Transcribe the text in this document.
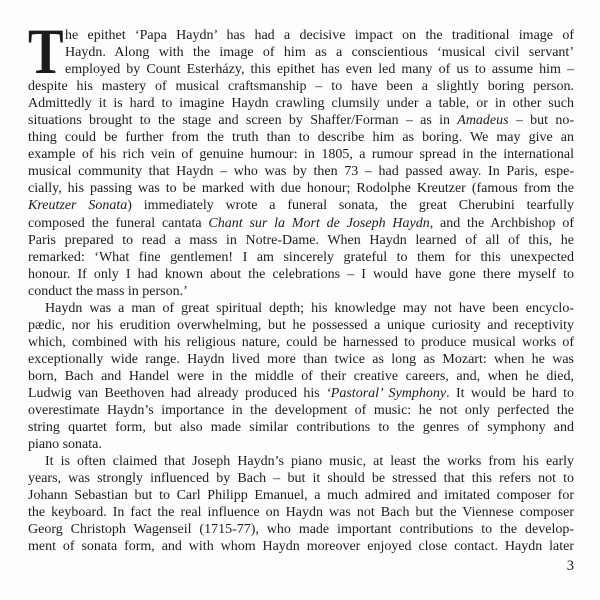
T he epithet ‘Papa Haydn’ has had a decisive impact on the traditional image of
Haydn. Along with the image of him as a conscientious ‘musical civil servant’
employed by Count Esterházy, this epithet has even led many of us to assume him –
despite his mastery of musical craftsmanship – to have been a slightly boring person.
Admittedly it is hard to imagine Haydn crawling clumsily under a table, or in other such
situations brought to the stage and screen by Shaffer/Forman – as in Amadeus – but no-
thing could be further from the truth than to describe him as boring. We may give an
example of his rich vein of genuine humour: in 1805, a rumour spread in the international
musical community that Haydn – who was by then 73 – had passed away. In Paris, espe-
cially, his passing was to be marked with due honour; Rodolphe Kreutzer (famous from the
Kreutzer Sonata) immediately wrote a funeral sonata, the great Cherubini tearfully
composed the funeral cantata Chant sur la Mort de Joseph Haydn, and the Archbishop of
Paris prepared to read a mass in Notre-Dame. When Haydn learned of all of this, he
remarked: ‘What fine gentlemen! I am sincerely grateful to them for this unexpected
honour. If only I had known about the celebrations – I would have gone there myself to
conduct the mass in person.’
Haydn was a man of great spiritual depth; his knowledge may not have been encyclo-
pædic, nor his erudition overwhelming, but he possessed a unique curiosity and receptivity
which, combined with his religious nature, could be harnessed to produce musical works of
exceptionally wide range. Haydn lived more than twice as long as Mozart: when he was
born, Bach and Handel were in the middle of their creative careers, and, when he died,
Ludwig van Beethoven had already produced his ‘Pastoral’ Symphony. It would be hard to
overestimate Haydn’s importance in the development of music: he not only perfected the
string quartet form, but also made similar contributions to the genres of symphony and
piano sonata.
It is often claimed that Joseph Haydn’s piano music, at least the works from his early
years, was strongly influenced by Bach – but it should be stressed that this refers not to
Johann Sebastian but to Carl Philipp Emanuel, a much admired and imitated composer for
the keyboard. In fact the real influence on Haydn was not Bach but the Viennese composer
Georg Christoph Wagenseil (1715-77), who made important contributions to the develop-
ment of sonata form, and with whom Haydn moreover enjoyed close contact. Haydn later
3
